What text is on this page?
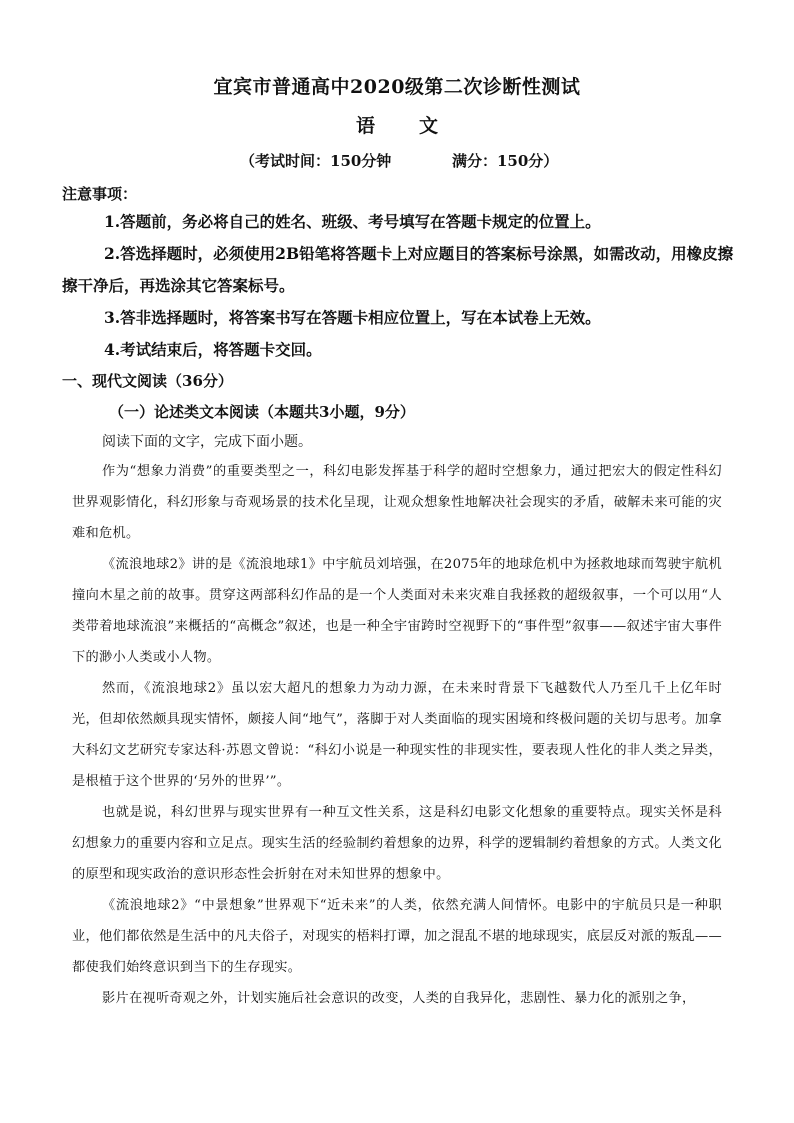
宜宾市普通高中2020级第二次诊断性测试
语 文
（考试时间：150分钟	满分：150分）
注意事项：
1.答题前，务必将自己的姓名、班级、考号填写在答题卡规定的位置上。
2.答选择题时，必须使用2B铅笔将答题卡上对应题目的答案标号涂黑，如需改动，用橡皮擦擦干净后，再选涂其它答案标号。
3.答非选择题时，将答案书写在答题卡相应位置上，写在本试卷上无效。
4.考试结束后，将答题卡交回。
一、现代文阅读（36分）
（一）论述类文本阅读（本题共3小题，9分）
阅读下面的文字，完成下面小题。
作为“想象力消费”的重要类型之一，科幻电影发挥基于科学的超时空想象力，通过把宏大的假定性科幻世界观影情化，科幻形象与奇观场景的技术化呈现，让观众想象性地解决社会现实的矛盾，破解未来可能的灾难和危机。
《流浪地球2》讲的是《流浪地球1》中宇航员刘培强，在2075年的地球危机中为拯救地球而驾驶宇航机撞向木星之前的故事。贯穿这两部科幻作品的是一个人类面对未来灾难自我拯救的超级叙事，一个可以用“人类带着地球流浪”来概括的“高概念”叙述，也是一种全宇宙跨时空视野下的“事件型”叙事——叙述宇宙大事件下的渺小人类或小人物。
然而，《流浪地球2》虽以宏大超凡的想象力为动力源，在未来时背景下飞越数代人乃至几千上亿年时光，但却依然颇具现实情怀，颇接人间“地气”，落脚于对人类面临的现实困境和终极问题的关切与思考。加拿大科幻文艺研究专家达科·苏恩文曾说：“科幻小说是一种现实性的非现实性，要表现人性化的非人类之异类，是根植于这个世界的‘另外的世界’”。
也就是说，科幻世界与现实世界有一种互文性关系，这是科幻电影文化想象的重要特点。现实关怀是科幻想象力的重要内容和立足点。现实生活的经验制约着想象的边界，科学的逻辑制约着想象的方式。人类文化的原型和现实政治的意识形态性会折射在对未知世界的想象中。
《流浪地球2》“中景想象”世界观下“近未来”的人类，依然充满人间情怀。电影中的宇航员只是一种职业，他们都依然是生活中的凡夫俗子，对现实的梧料打谭，加之混乱不堪的地球现实，底层反对派的叛乱——都使我们始终意识到当下的生存现实。
影片在视听奇观之外，计划实施后社会意识的改变，人类的自我异化，悲剧性、暴力化的派别之争，
